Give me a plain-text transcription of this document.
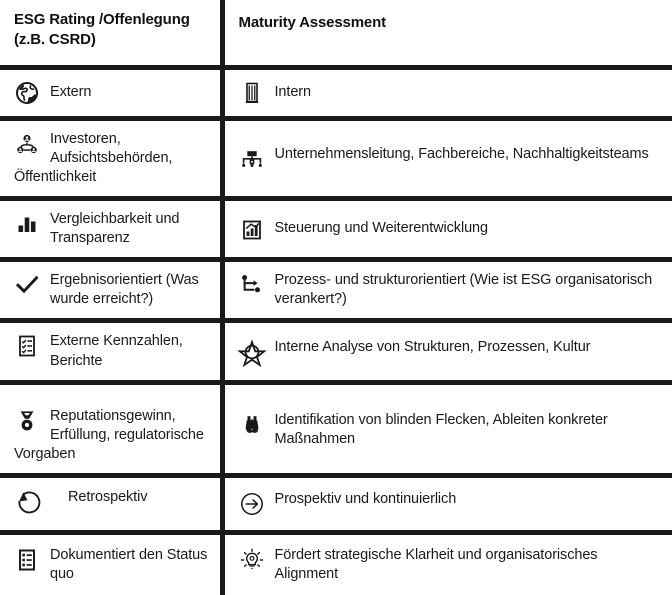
ESG Rating /Offenlegung
(z.B. CSRD)	Maturity Assessment

Extern	Intern

Investoren, Aufsichtsbehörden, Öffentlichkeit	Unternehmensleitung, Fachbereiche, Nachhaltigkeitsteams

Vergleichbarkeit und Transparenz	Steuerung und Weiterentwicklung

Ergebnisorientiert (Was wurde erreicht?)	Prozess- und strukturorientiert (Wie ist ESG organisatorisch verankert?)

Externe Kennzahlen, Berichte	Interne Analyse von Strukturen, Prozessen, Kultur

Reputationsgewinn, Erfüllung, regulatorische Vorgaben	Identifikation von blinden Flecken, Ableiten konkreter Maßnahmen

Retrospektiv	Prospektiv und kontinuierlich

Dokumentiert den Status quo	Fördert strategische Klarheit und organisatorisches Alignment
